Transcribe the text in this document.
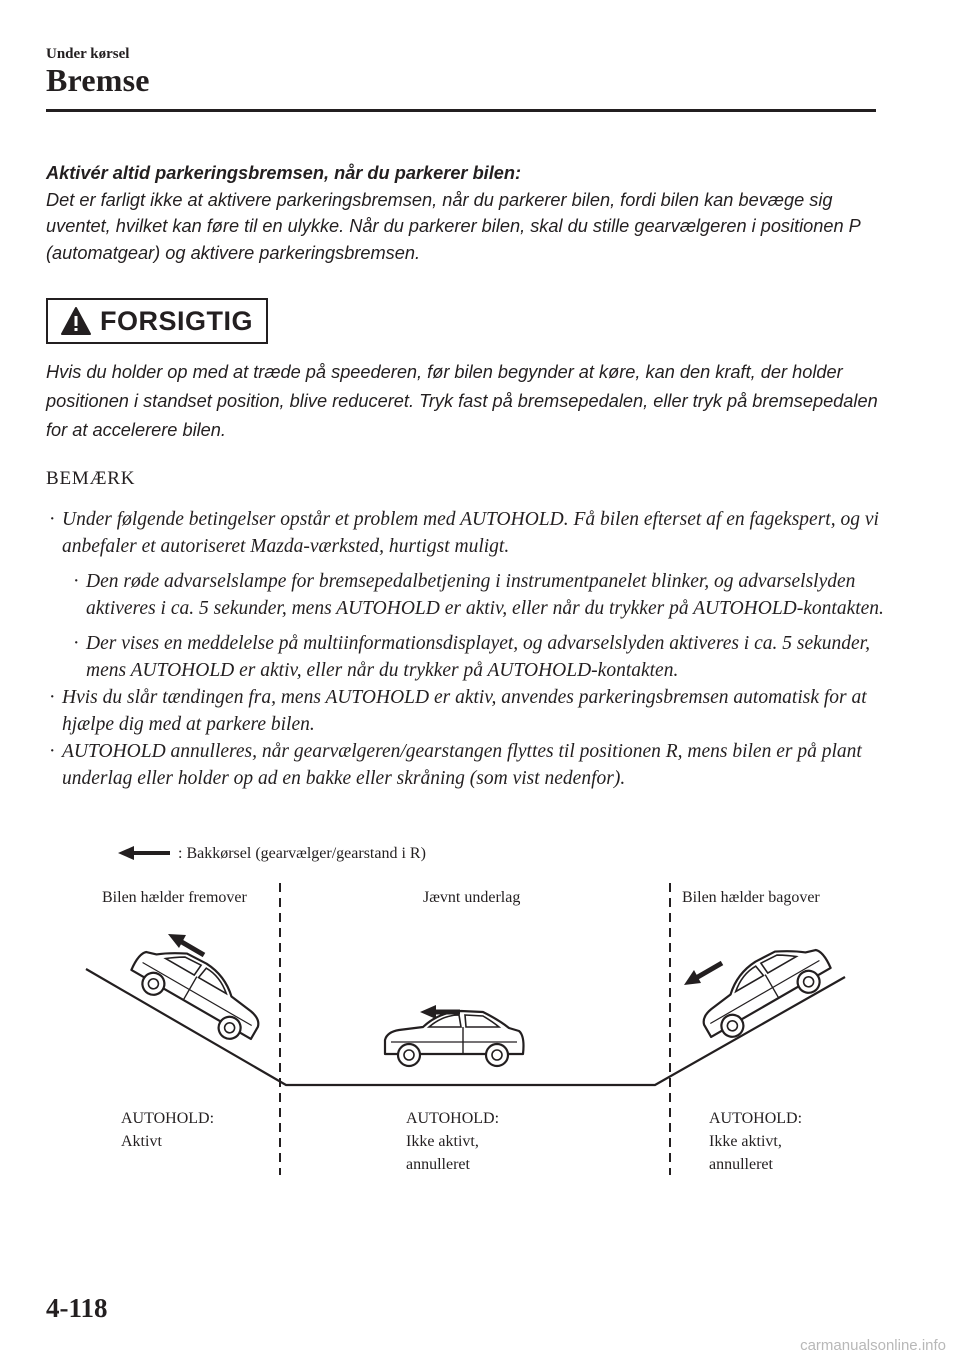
Under kørsel
Bremse

Aktivér altid parkeringsbremsen, når du parkerer bilen:

Det er farligt ikke at aktivere parkeringsbremsen, når du parkerer bilen, fordi bilen kan bevæge sig uventet, hvilket kan føre til en ulykke. Når du parkerer bilen, skal du stille gearvælgeren i positionen P (automatgear) og aktivere parkeringsbremsen.

FORSIGTIG

Hvis du holder op med at træde på speederen, før bilen begynder at køre, kan den kraft, der holder positionen i standset position, blive reduceret. Tryk fast på bremsepedalen, eller tryk på bremsepedalen for at accelerere bilen.

BEMÆRK

· Under følgende betingelser opstår et problem med AUTOHOLD. Få bilen efterset af en fagekspert, og vi anbefaler et autoriseret Mazda-værksted, hurtigst muligt.

· Den røde advarselslampe for bremsepedalbetjening i instrumentpanelet blinker, og advarselslyden aktiveres i ca. 5 sekunder, mens AUTOHOLD er aktiv, eller når du trykker på AUTOHOLD-kontakten.

· Der vises en meddelelse på multiinformationsdisplayet, og advarselslyden aktiveres i ca. 5 sekunder, mens AUTOHOLD er aktiv, eller når du trykker på AUTOHOLD-kontakten.

· Hvis du slår tændingen fra, mens AUTOHOLD er aktiv, anvendes parkeringsbremsen automatisk for at hjælpe dig med at parkere bilen.

· AUTOHOLD annulleres, når gearvælgeren/gearstangen flyttes til positionen R, mens bilen er på plant underlag eller holder op ad en bakke eller skråning (som vist nedenfor).

: Bakkørsel (gearvælger/gearstand i R)
Bilen hælder fremover	Jævnt underlag	Bilen hælder bagover
AUTOHOLD:
Aktivt
AUTOHOLD:
Ikke aktivt,
annulleret
AUTOHOLD:
Ikke aktivt,
annulleret
4-118
carmanualsonline.info
